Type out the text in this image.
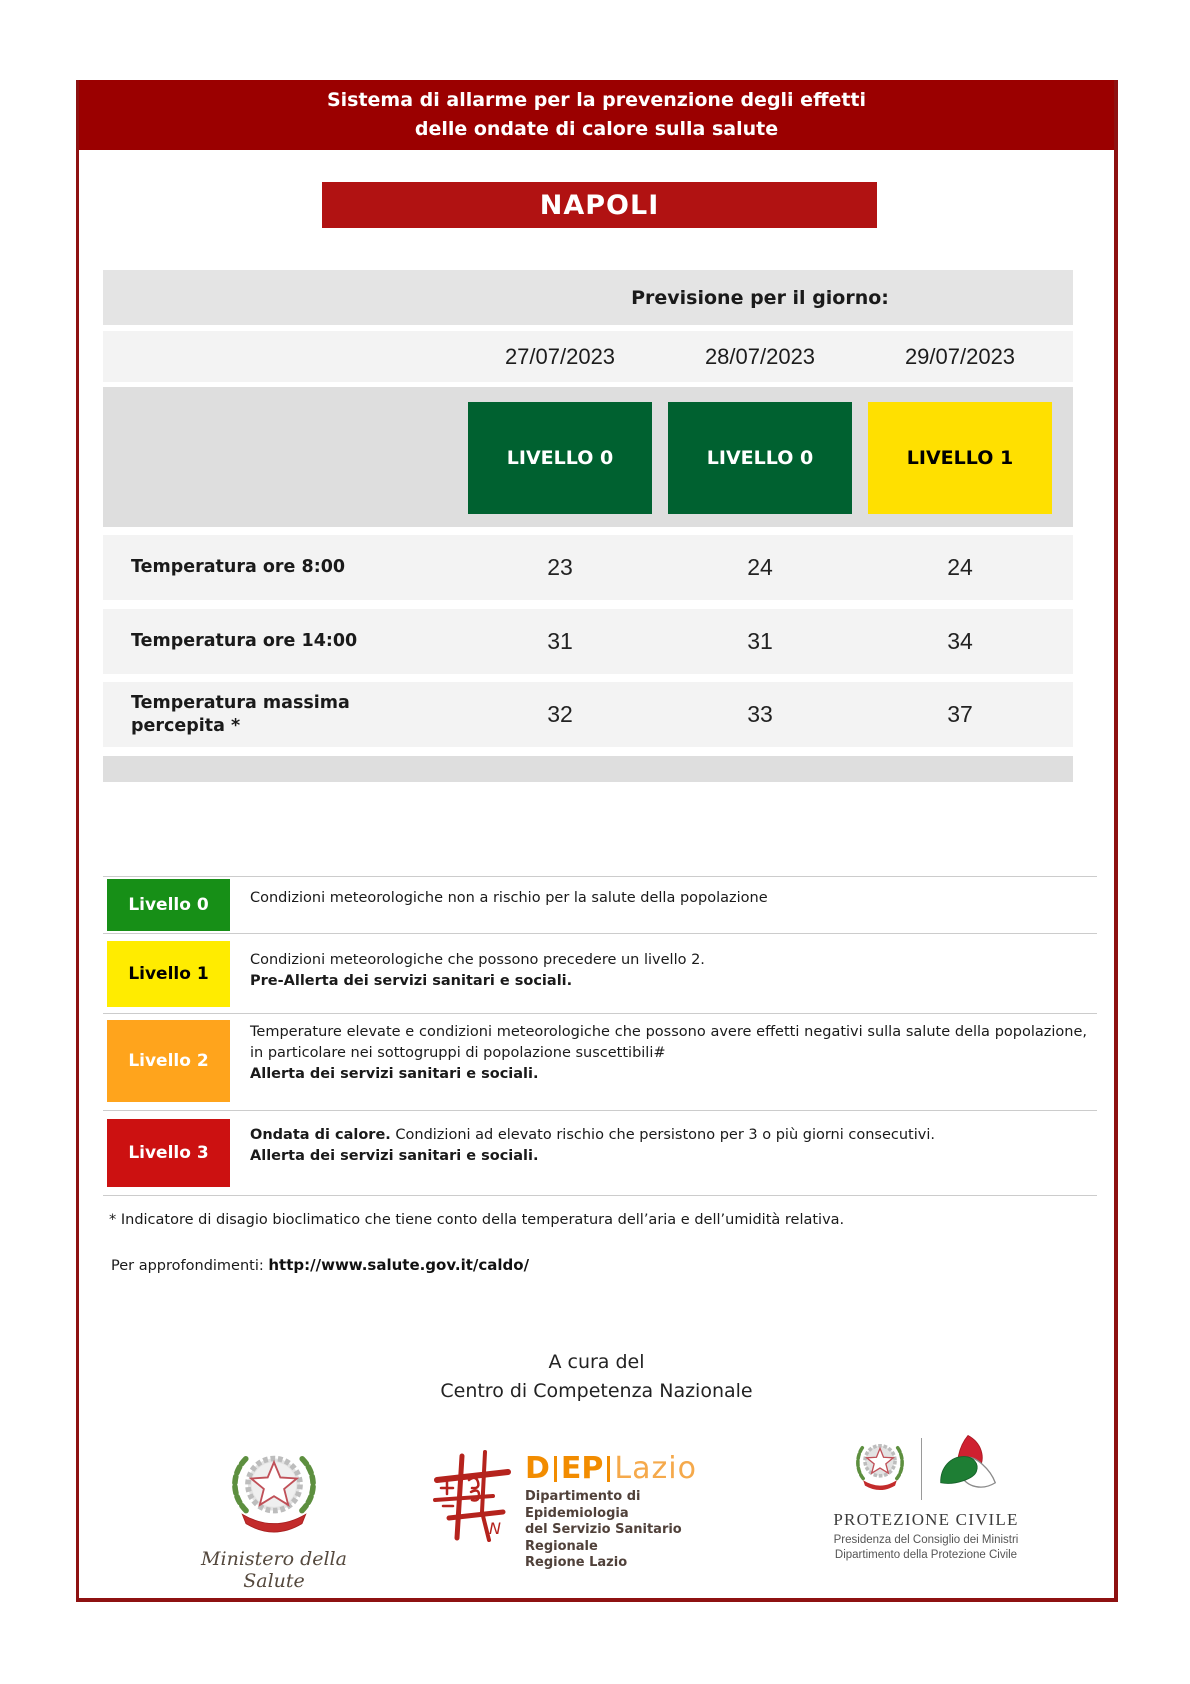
Sistema di allarme per la prevenzione degli effetti
delle ondate di calore sulla salute
NAPOLI
Previsione per il giorno:
27/07/2023	28/07/2023	29/07/2023
LIVELLO 0	LIVELLO 0	LIVELLO 1
Temperatura ore 8:00	23	24	24
Temperatura ore 14:00	31	31	34
Temperatura massima percepita *	32	33	37
Livello 0	Condizioni meteorologiche non a rischio per la salute della popolazione
Livello 1
Condizioni meteorologiche che possono precedere un livello 2.
Pre-Allerta dei servizi sanitari e sociali.
Livello 2
Temperature elevate e condizioni meteorologiche che possono avere effetti negativi sulla salute della popolazione, in particolare nei sottogruppi di popolazione suscettibili#
Allerta dei servizi sanitari e sociali.
Livello 3
Ondata di calore. Condizioni ad elevato rischio che persistono per 3 o più giorni consecutivi.
Allerta dei servizi sanitari e sociali.
* Indicatore di disagio bioclimatico che tiene conto della temperatura dell’aria e dell’umidità relativa.
Per approfondimenti: http://www.salute.gov.it/caldo/
A cura del
Centro di Competenza Nazionale
Ministero della Salute
N
D EP Lazio
Dipartimento di Epidemiologia
del Servizio Sanitario Regionale
Regione Lazio
PROTEZIONE CIVILE
Presidenza del Consiglio dei Ministri
Dipartimento della Protezione Civile
